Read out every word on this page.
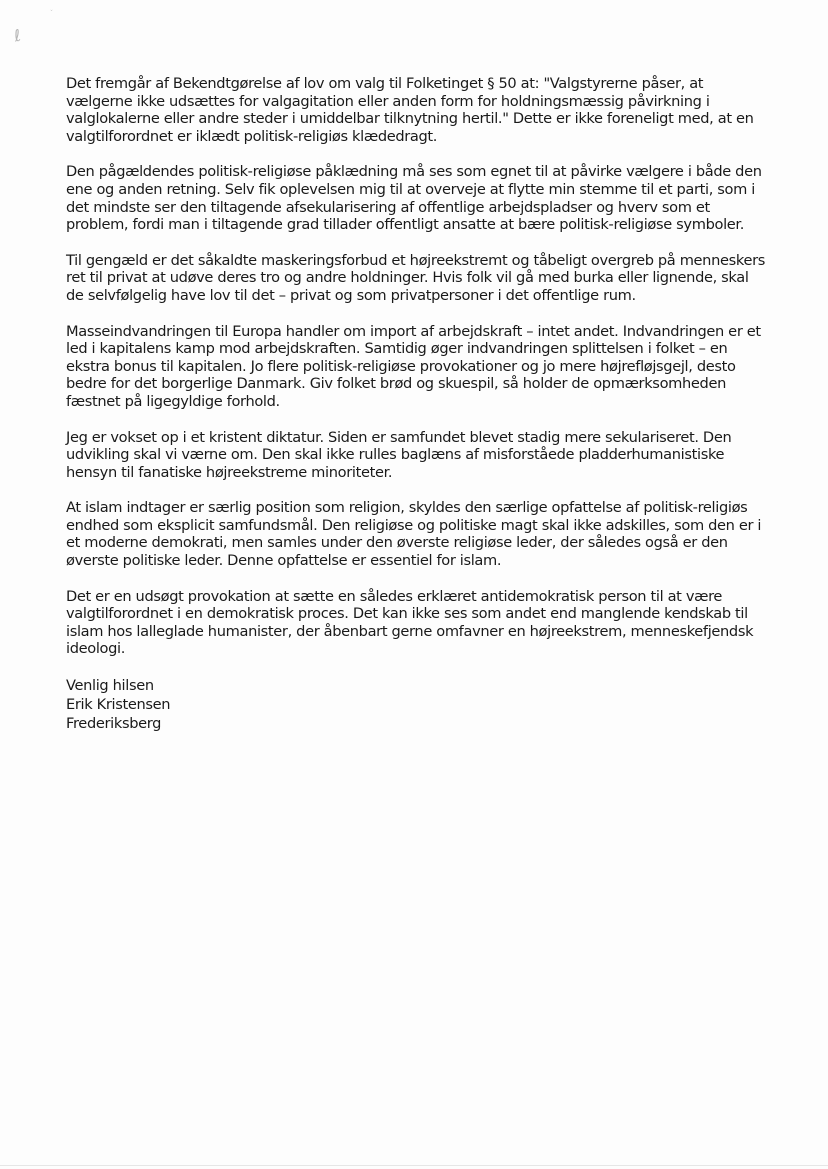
ℓ
ˇ

Det fremgår af Bekendtgørelse af lov om valg til Folketinget § 50 at: "Valgstyrerne påser, at vælgerne ikke udsættes for valgagitation eller anden form for holdningsmæssig påvirkning i valglokalerne eller andre steder i umiddelbar tilknytning hertil." Dette er ikke foreneligt med, at en valgtilforordnet er iklædt politisk-religiøs klædedragt.

Den pågældendes politisk-religiøse påklædning må ses som egnet til at påvirke vælgere i både den ene og anden retning. Selv fik oplevelsen mig til at overveje at flytte min stemme til et parti, som i det mindste ser den tiltagende afsekularisering af offentlige arbejdspladser og hverv som et problem, fordi man i tiltagende grad tillader offentligt ansatte at bære politisk-religiøse symboler.

Til gengæld er det såkaldte maskeringsforbud et højreekstremt og tåbeligt overgreb på menneskers ret til privat at udøve deres tro og andre holdninger. Hvis folk vil gå med burka eller lignende, skal de selvfølgelig have lov til det – privat og som privatpersoner i det offentlige rum.

Masseindvandringen til Europa handler om import af arbejdskraft – intet andet. Indvandringen er et led i kapitalens kamp mod arbejdskraften. Samtidig øger indvandringen splittelsen i folket – en ekstra bonus til kapitalen. Jo flere politisk-religiøse provokationer og jo mere højrefløjsgejl, desto bedre for det borgerlige Danmark. Giv folket brød og skuespil, så holder de opmærksomheden fæstnet på ligegyldige forhold.

Jeg er vokset op i et kristent diktatur. Siden er samfundet blevet stadig mere sekulariseret. Den udvikling skal vi værne om. Den skal ikke rulles baglæns af misforståede pladderhumanistiske hensyn til fanatiske højreekstreme minoriteter.

At islam indtager er særlig position som religion, skyldes den særlige opfattelse af politisk-religiøs endhed som eksplicit samfundsmål. Den religiøse og politiske magt skal ikke adskilles, som den er i et moderne demokrati, men samles under den øverste religiøse leder, der således også er den øverste politiske leder. Denne opfattelse er essentiel for islam.

Det er en udsøgt provokation at sætte en således erklæret antidemokratisk person til at være valgtilforordnet i en demokratisk proces. Det kan ikke ses som andet end manglende kendskab til islam hos lalleglade humanister, der åbenbart gerne omfavner en højreekstrem, menneskefjendsk ideologi.

Venlig hilsen
Erik Kristensen
Frederiksberg
